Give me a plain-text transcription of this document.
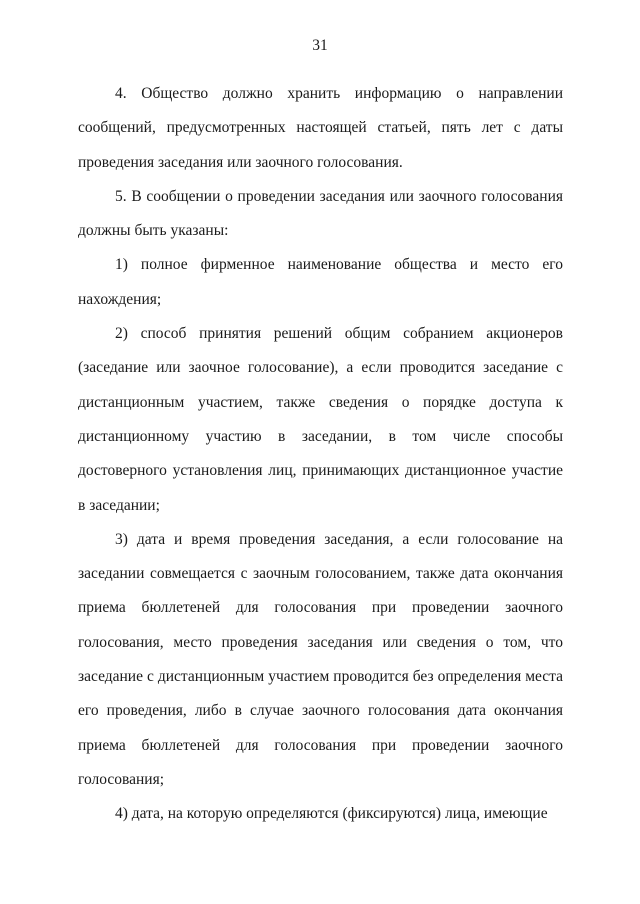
31

4. Общество должно хранить информацию о направлении сообщений, предусмотренных настоящей статьей, пять лет с даты проведения заседания или заочного голосования.

5. В сообщении о проведении заседания или заочного голосования должны быть указаны:

1) полное фирменное наименование общества и место его нахождения;

2) способ принятия решений общим собранием акционеров (заседание или заочное голосование), а если проводится заседание с дистанционным участием, также сведения о порядке доступа к дистанционному участию в заседании, в том числе способы достоверного установления лиц, принимающих дистанционное участие в заседании;

3) дата и время проведения заседания, а если голосование на заседании совмещается с заочным голосованием, также дата окончания приема бюллетеней для голосования при проведении заочного голосования, место проведения заседания или сведения о том, что заседание с дистанционным участием проводится без определения места его проведения, либо в случае заочного голосования дата окончания приема бюллетеней для голосования при проведении заочного голосования;

4) дата, на которую определяются (фиксируются) лица, имеющие
